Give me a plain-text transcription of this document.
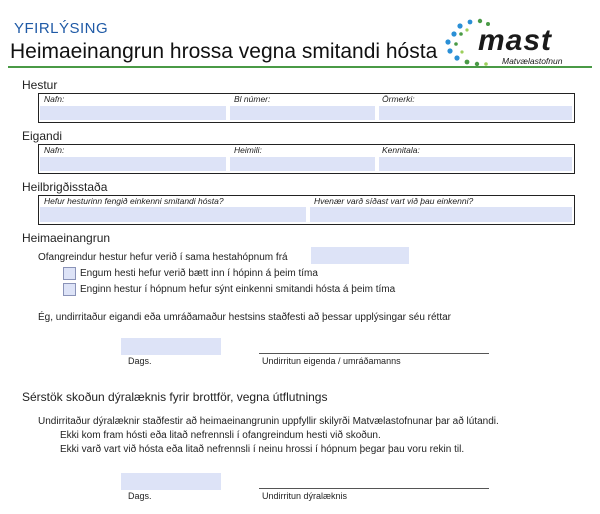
YFIRLÝSING
Heimaeinangrun hrossa vegna smitandi hósta mast
Matvælastofnun
Hestur
Nafn:	Bl númer:	Örmerki:
Eigandi
Nafn:	Heimili:	Kennitala:
Heilbrigðisstaða
Hefur hesturinn fengið einkenni smitandi hósta?	Hvenær varð síðast vart við þau einkenni?
Heimaeinangrun
Ofangreindur hestur hefur verið í sama hestahópnum frá
Engum hesti hefur verið bætt inn í hópinn á þeim tíma
Enginn hestur í hópnum hefur sýnt einkenni smitandi hósta á þeim tíma
Ég, undirritaður eigandi eða umráðamaður hestsins staðfesti að þessar upplýsingar séu réttar
Dags.	Undirritun eigenda / umráðamanns
Sérstök skoðun dýralæknis fyrir brottför, vegna útflutnings
Undirritaður dýralæknir staðfestir að heimaeinangrunin uppfyllir skilyrði Matvælastofnunar þar að lútandi.
Ekki kom fram hósti eða litað nefrennsli í ofangreindum hesti við skoðun.
Ekki varð vart við hósta eða litað nefrennsli í neinu hrossi í hópnum þegar þau voru rekin til.
Dags.	Undirritun dýralæknis
